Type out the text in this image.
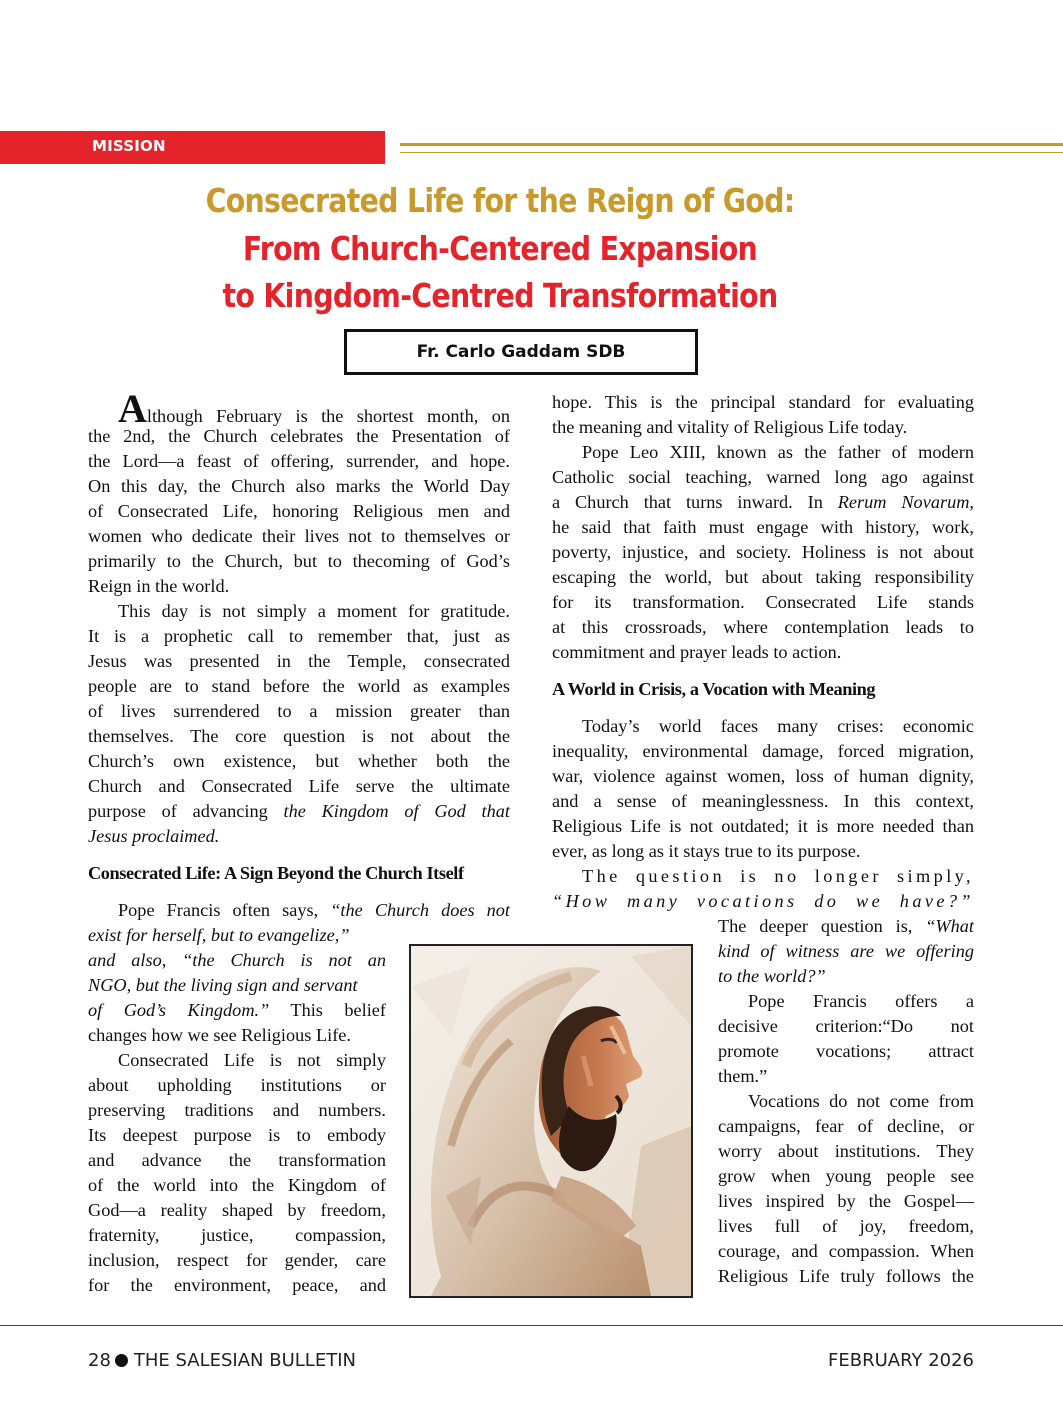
MISSION
Consecrated Life for the Reign of God:
From Church-Centered Expansion
to Kingdom-Centred Transformation
Fr. Carlo Gaddam SDB
Although February is the shortest month, on
the 2nd, the Church celebrates the Presentation of
the Lord—a feast of offering, surrender, and hope.
On this day, the Church also marks the World Day
of Consecrated Life, honoring Religious men and
women who dedicate their lives not to themselves or
primarily to the Church, but to thecoming of God’s
Reign in the world.
This day is not simply a moment for gratitude.
It is a prophetic call to remember that, just as
Jesus was presented in the Temple, consecrated
people are to stand before the world as examples
of lives surrendered to a mission greater than
themselves. The core question is not about the
Church’s own existence, but whether both the
Church and Consecrated Life serve the ultimate
purpose of advancing the Kingdom of God that
Jesus proclaimed.
Consecrated Life: A Sign Beyond the Church Itself
Pope Francis often says, “the Church does not
exist for herself, but to evangelize,”
and also, “the Church is not an
NGO, but the living sign and servant
of God’s Kingdom.” This belief
changes how we see Religious Life.
Consecrated Life is not simply
about upholding institutions or
preserving traditions and numbers.
Its deepest purpose is to embody
and advance the transformation
of the world into the Kingdom of
God—a reality shaped by freedom,
fraternity, justice, compassion,
inclusion, respect for gender, care
for the environment, peace, and
hope. This is the principal standard for evaluating
the meaning and vitality of Religious Life today.
Pope Leo XIII, known as the father of modern
Catholic social teaching, warned long ago against
a Church that turns inward. In Rerum Novarum,
he said that faith must engage with history, work,
poverty, injustice, and society. Holiness is not about
escaping the world, but about taking responsibility
for its transformation. Consecrated Life stands
at this crossroads, where contemplation leads to
commitment and prayer leads to action.
A World in Crisis, a Vocation with Meaning
Today’s world faces many crises: economic
inequality, environmental damage, forced migration,
war, violence against women, loss of human dignity,
and a sense of meaninglessness. In this context,
Religious Life is not outdated; it is more needed than
ever, as long as it stays true to its purpose.
The question is no longer simply,
“How many vocations do we have?”
The deeper question is, “What
kind of witness are we offering
to the world?”
Pope Francis offers a
decisive criterion:“Do not
promote vocations; attract
them.”
Vocations do not come from
campaigns, fear of decline, or
worry about institutions. They
grow when young people see
lives inspired by the Gospel—
lives full of joy, freedom,
courage, and compassion. When
Religious Life truly follows the
28 THE SALESIAN BULLETIN	FEBRUARY 2026
